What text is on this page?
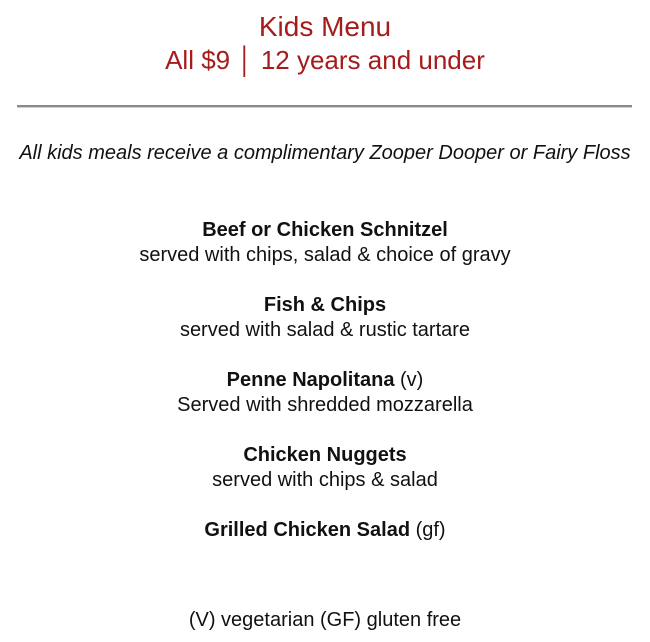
Kids Menu
All $9 │ 12 years and under
All kids meals receive a complimentary Zooper Dooper or Fairy Floss
Beef or Chicken Schnitzel
served with chips, salad & choice of gravy
Fish & Chips
served with salad & rustic tartare
Penne Napolitana (v)
Served with shredded mozzarella
Chicken Nuggets
served with chips & salad
Grilled Chicken Salad (gf)
(V) vegetarian (GF) gluten free
